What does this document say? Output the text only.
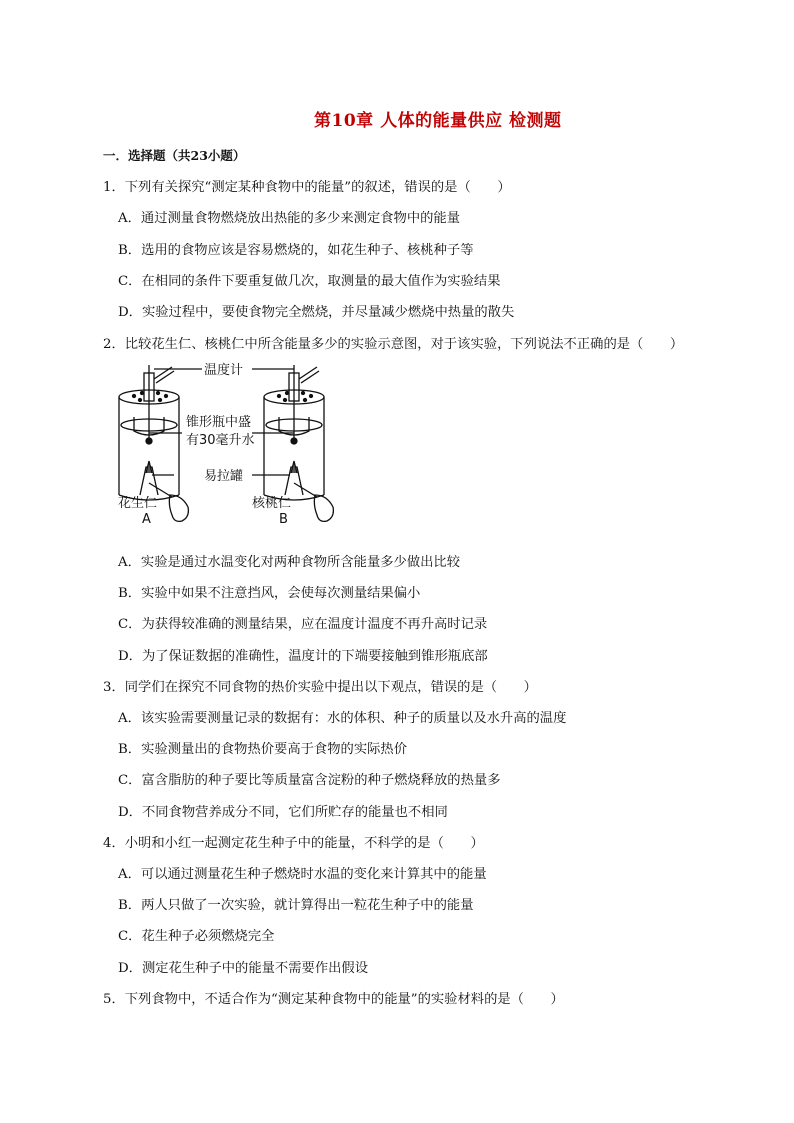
第10章 人体的能量供应 检测题
一．选择题（共23小题）
1．下列有关探究“测定某种食物中的能量”的叙述，错误的是（　　）
A．通过测量食物燃烧放出热能的多少来测定食物中的能量
B．选用的食物应该是容易燃烧的，如花生种子、核桃种子等
C．在相同的条件下要重复做几次，取测量的最大值作为实验结果
D．实验过程中，要使食物完全燃烧，并尽量减少燃烧中热量的散失
2．比较花生仁、核桃仁中所含能量多少的实验示意图，对于该实验，下列说法不正确的是（　　）
温度计
锥形瓶中盛
有30毫升水
易拉罐
花生仁
A
核桃仁
B
A．实验是通过水温变化对两种食物所含能量多少做出比较
B．实验中如果不注意挡风，会使每次测量结果偏小
C．为获得较准确的测量结果，应在温度计温度不再升高时记录
D．为了保证数据的准确性，温度计的下端要接触到锥形瓶底部
3．同学们在探究不同食物的热价实验中提出以下观点，错误的是（　　）
A．该实验需要测量记录的数据有：水的体积、种子的质量以及水升高的温度
B．实验测量出的食物热价要高于食物的实际热价
C．富含脂肪的种子要比等质量富含淀粉的种子燃烧释放的热量多
D．不同食物营养成分不同，它们所贮存的能量也不相同
4．小明和小红一起测定花生种子中的能量，不科学的是（　　）
A．可以通过测量花生种子燃烧时水温的变化来计算其中的能量
B．两人只做了一次实验，就计算得出一粒花生种子中的能量
C．花生种子必须燃烧完全
D．测定花生种子中的能量不需要作出假设
5．下列食物中，不适合作为“测定某种食物中的能量”的实验材料的是（　　）
